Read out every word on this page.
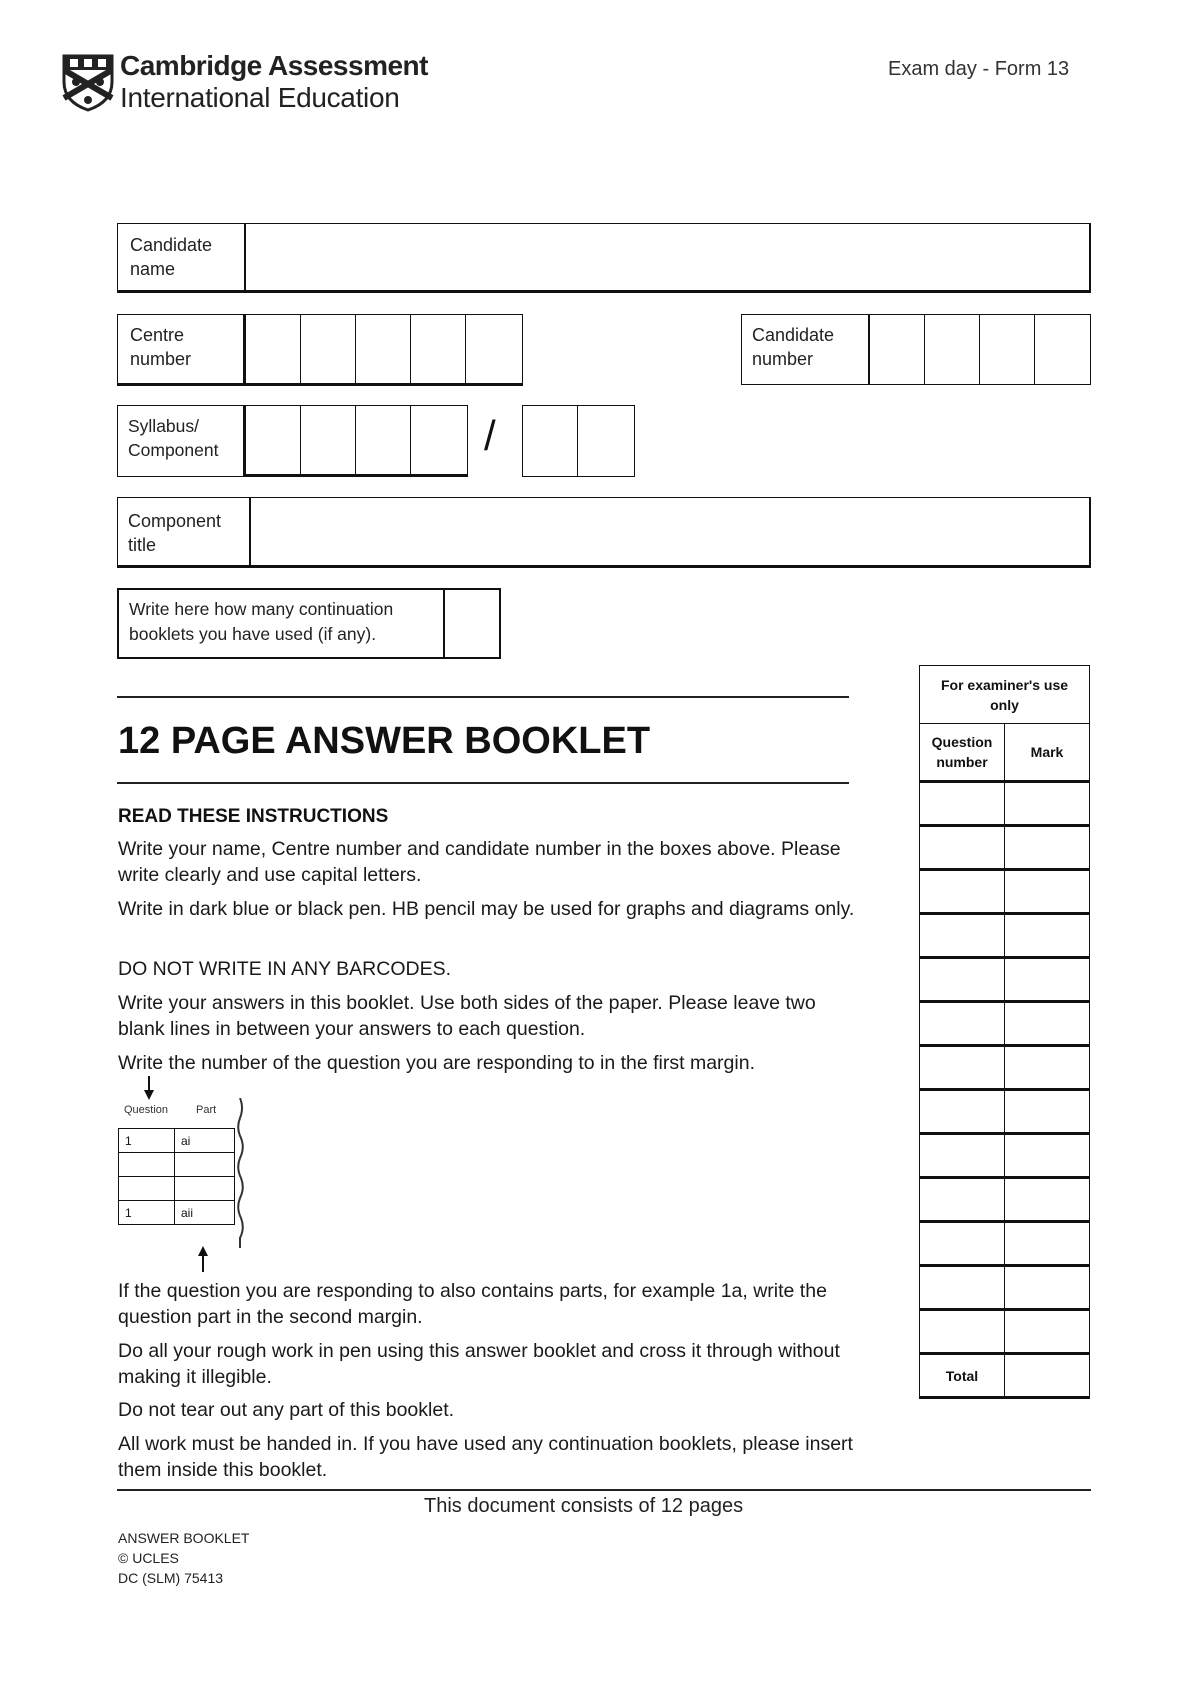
Cambridge Assessment
International Education
Exam day - Form 13
Candidate name
Centre number
Candidate number
Syllabus/ Component	/
Component title
Write here how many continuation booklets you have used (if any).
12 PAGE ANSWER BOOKLET
READ THESE INSTRUCTIONS
Write your name, Centre number and candidate number in the boxes above. Please write clearly and use capital letters.
Write in dark blue or black pen. HB pencil may be used for graphs and diagrams only.
DO NOT WRITE IN ANY BARCODES.
Write your answers in this booklet. Use both sides of the paper. Please leave two blank lines in between your answers to each question.
Write the number of the question you are responding to in the first margin.
Question	Part
1	ai

1	aii
If the question you are responding to also contains parts, for example 1a, write the question part in the second margin.
Do all your rough work in pen using this answer booklet and cross it through without making it illegible.
Do not tear out any part of this booklet.
All work must be handed in. If you have used any continuation booklets, please insert them inside this booklet.
For examiner's use only	
Question number	Mark

Total	
This document consists of 12 pages
ANSWER BOOKLET
© UCLES
DC (SLM) 75413
